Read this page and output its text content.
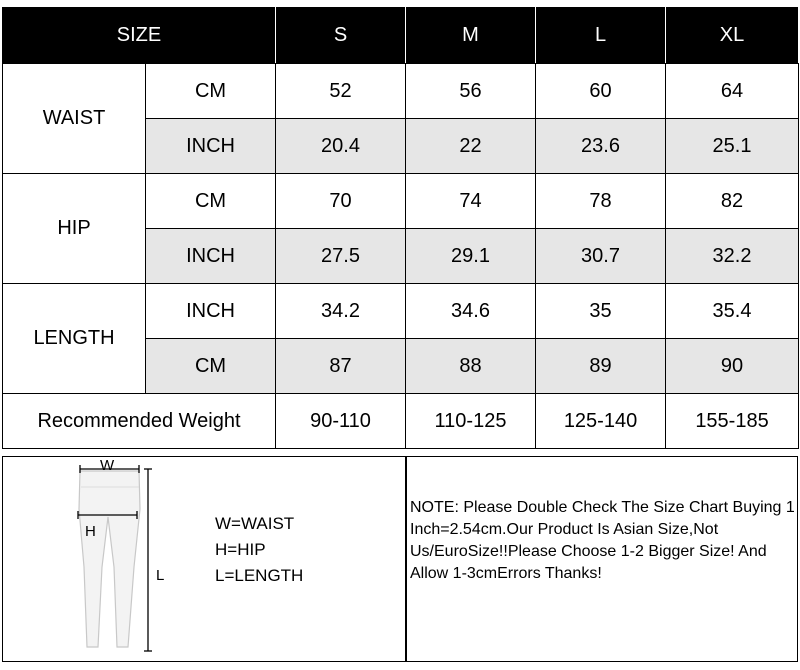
SIZE		S	M	L	XL
WAIST	CM	52	56	60	64
	INCH	20.4	22	23.6	25.1
HIP	CM	70	74	78	82
	INCH	27.5	29.1	30.7	32.2
LENGTH	INCH	34.2	34.6	35	35.4
	CM	87	88	89	90
Recommended Weight		90-110	110-125	125-140	155-185
W
H
L
W=WAIST
H=HIP
L=LENGTH
NOTE: Please Double Check The Size Chart Buying 1 Inch=2.54cm.Our Product Is Asian Size,Not Us/EuroSize!!Please Choose 1-2 Bigger Size! And Allow 1-3cmErrors Thanks!
